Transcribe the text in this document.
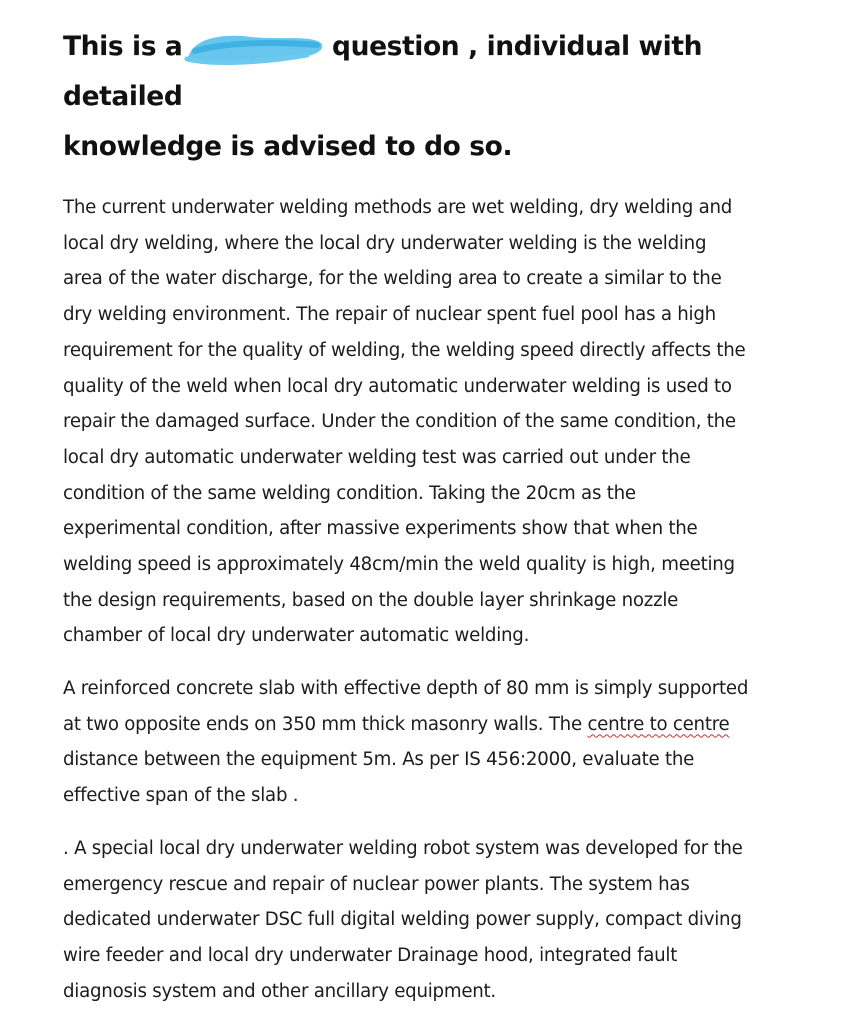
This is a	question , individual with detailed
knowledge is advised to do so.
The current underwater welding methods are wet welding, dry welding and
local dry welding, where the local dry underwater welding is the welding
area of the water discharge, for the welding area to create a similar to the
dry welding environment. The repair of nuclear spent fuel pool has a high
requirement for the quality of welding, the welding speed directly affects the
quality of the weld when local dry automatic underwater welding is used to
repair the damaged surface. Under the condition of the same condition, the
local dry automatic underwater welding test was carried out under the
condition of the same welding condition. Taking the 20cm as the
experimental condition, after massive experiments show that when the
welding speed is approximately 48cm/min the weld quality is high, meeting
the design requirements, based on the double layer shrinkage nozzle
chamber of local dry underwater automatic welding.
A reinforced concrete slab with effective depth of 80 mm is simply supported
at two opposite ends on 350 mm thick masonry walls. The centre to centre
distance between the equipment 5m. As per IS 456:2000, evaluate the
effective span of the slab .
. A special local dry underwater welding robot system was developed for the
emergency rescue and repair of nuclear power plants. The system has
dedicated underwater DSC full digital welding power supply, compact diving
wire feeder and local dry underwater Drainage hood, integrated fault
diagnosis system and other ancillary equipment.
